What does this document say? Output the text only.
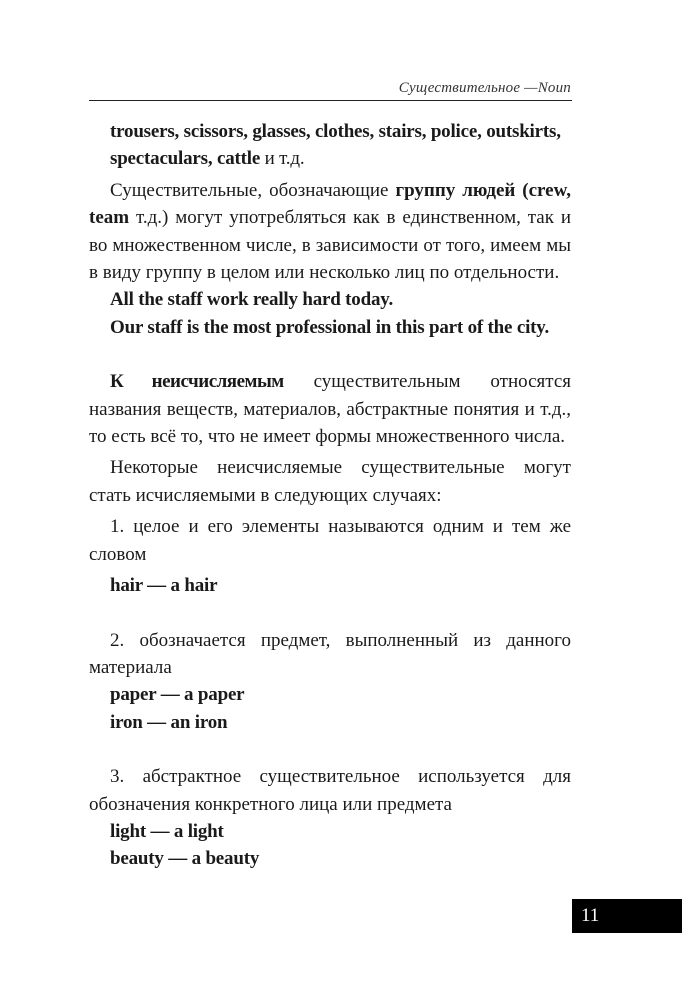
Существительное —Noun

trousers, scissors, glasses, clothes, stairs, police, outskirts, spectaculars, cattle и т.д.

Существительные, обозначающие группу людей (crew, team т.д.) могут употребляться как в единственном, так и во множественном числе, в зависимости от того, имеем мы в виду группу в целом или несколько лиц по отдельности.

All the staff work really hard today.

Our staff is the most professional in this part of the city.

К неисчисляемым существительным относятся названия веществ, материалов, абстрактные понятия и т.д., то есть всё то, что не имеет формы множественного числа.

Некоторые неисчисляемые существительные могут стать исчисляемыми в следующих случаях:

1. целое и его элементы называются одним и тем же словом

hair — a hair

2. обозначается предмет, выполненный из данного материала

paper — a paper

iron — an iron

3. абстрактное существительное используется для обозначения конкретного лица или предмета

light — a light

beauty — a beauty

11
